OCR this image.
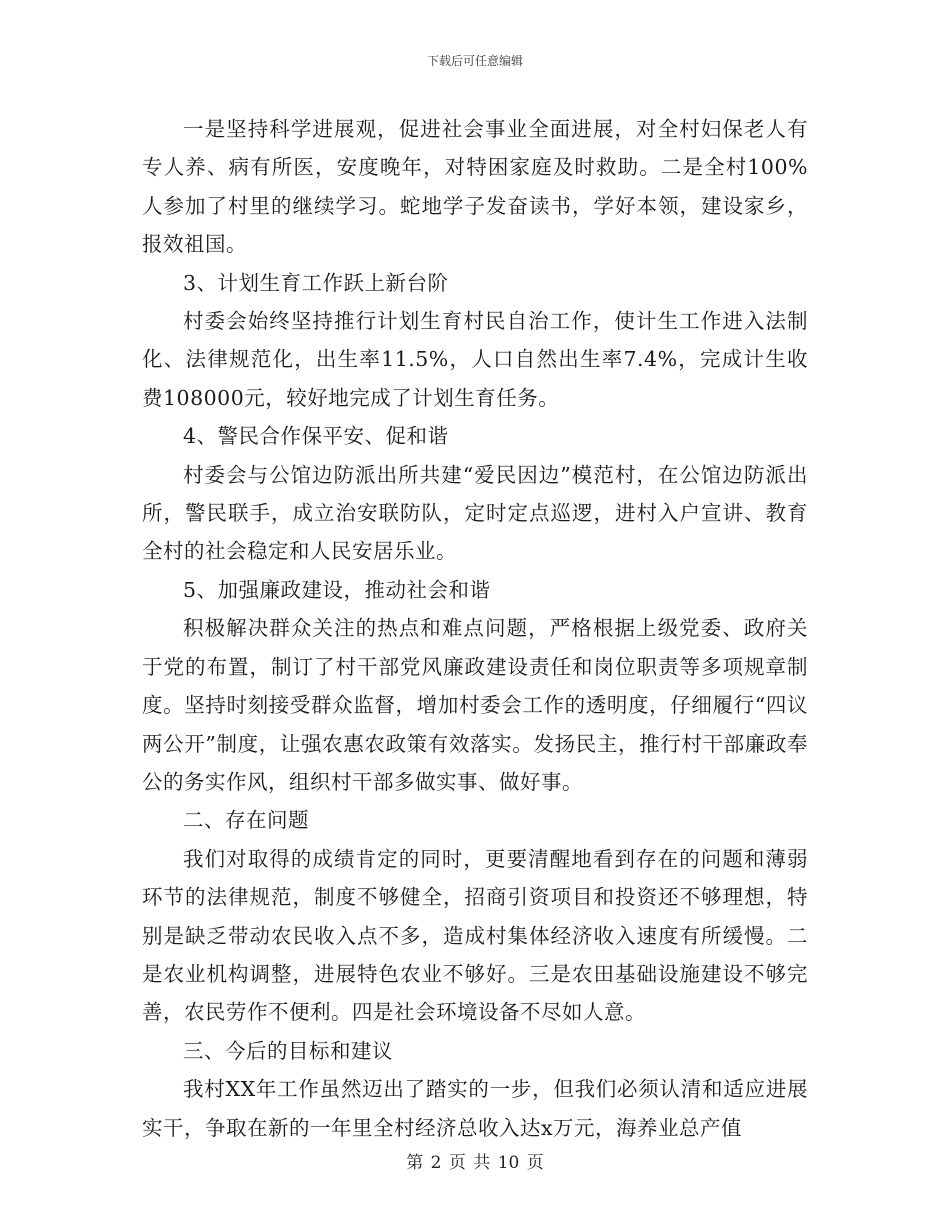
下载后可任意编辑

一是坚持科学进展观，促进社会事业全面进展，对全村妇保老人有专人养、病有所医，安度晚年，对特困家庭及时救助。二是全村100%人参加了村里的继续学习。蛇地学子发奋读书，学好本领，建设家乡，报效祖国。

3、计划生育工作跃上新台阶

村委会始终坚持推行计划生育村民自治工作，使计生工作进入法制化、法律规范化，出生率11.5%，人口自然出生率7.4%，完成计生收费108000元，较好地完成了计划生育任务。

4、警民合作保平安、促和谐

村委会与公馆边防派出所共建“爱民因边”模范村，在公馆边防派出所，警民联手，成立治安联防队，定时定点巡逻，进村入户宣讲、教育全村的社会稳定和人民安居乐业。

5、加强廉政建设，推动社会和谐

积极解决群众关注的热点和难点问题，严格根据上级党委、政府关于党的布置，制订了村干部党风廉政建设责任和岗位职责等多项规章制度。坚持时刻接受群众监督，增加村委会工作的透明度，仔细履行“四议两公开”制度，让强农惠农政策有效落实。发扬民主，推行村干部廉政奉公的务实作风，组织村干部多做实事、做好事。

二、存在问题

我们对取得的成绩肯定的同时，更要清醒地看到存在的问题和薄弱环节的法律规范，制度不够健全，招商引资项目和投资还不够理想，特别是缺乏带动农民收入点不多，造成村集体经济收入速度有所缓慢。二是农业机构调整，进展特色农业不够好。三是农田基础设施建设不够完善，农民劳作不便利。四是社会环境设备不尽如人意。

三、今后的目标和建议

我村XX年工作虽然迈出了踏实的一步，但我们必须认清和适应进展实干，争取在新的一年里全村经济总收入达x万元，海养业总产值

第 2 页 共 10 页
